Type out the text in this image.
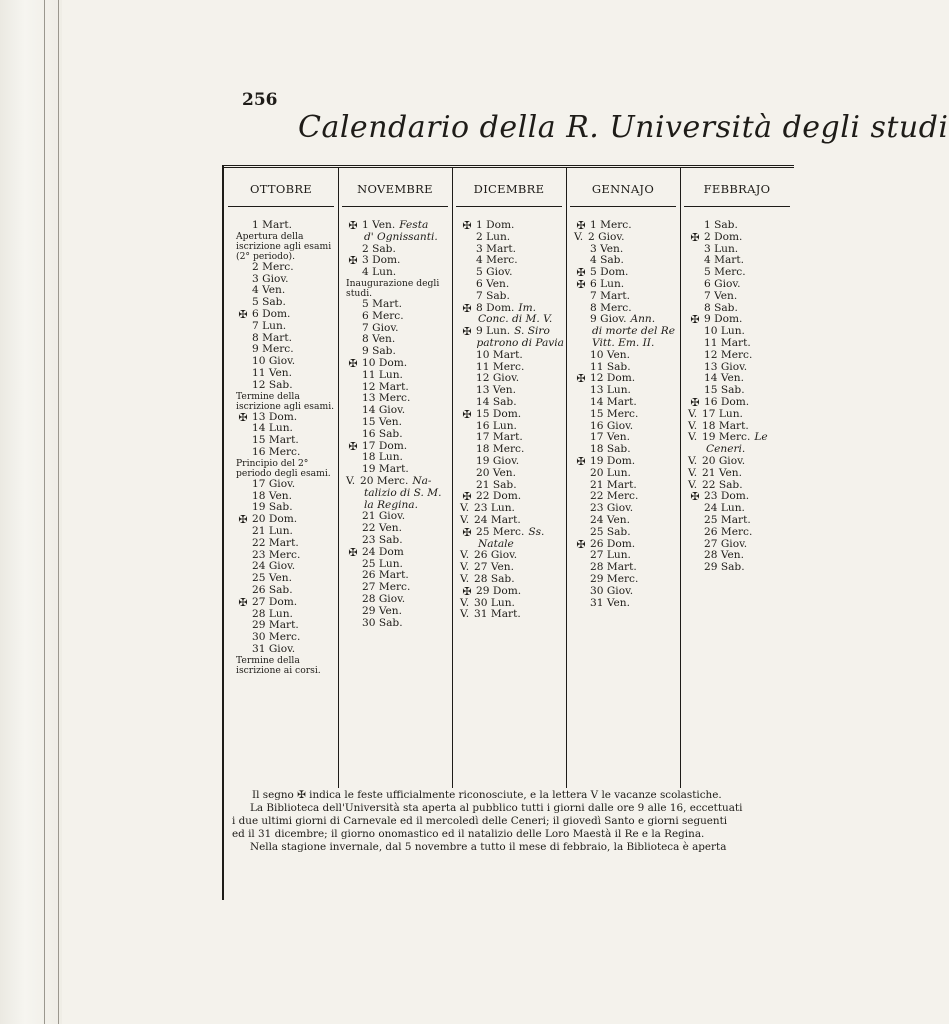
256
Calendario della R. Università degli studi
OTTOBRE
1 Mart.
Apertura della iscrizione agli esami (2° periodo).
2 Merc.
3 Giov.
4 Ven.
5 Sab.
✠ 6 Dom.
7 Lun.
8 Mart.
9 Merc.
10 Giov.
11 Ven.
12 Sab.
Termine della iscrizione agli esami.
✠ 13 Dom.
14 Lun.
15 Mart.
16 Merc.
Principio del 2° periodo degli esami.
17 Giov.
18 Ven.
19 Sab.
✠ 20 Dom.
21 Lun.
22 Mart.
23 Merc.
24 Giov.
25 Ven.
26 Sab.
✠ 27 Dom.
28 Lun.
29 Mart.
30 Merc.
31 Giov.
Termine della iscrizione ai corsi.
NOVEMBRE
✠ 1 Ven. Festa
d' Ognissanti.
2 Sab.
✠ 3 Dom.
4 Lun.
Inaugurazione degli studi.
5 Mart.
6 Merc.
7 Giov.
8 Ven.
9 Sab.
✠ 10 Dom.
11 Lun.
12 Mart.
13 Merc.
14 Giov.
15 Ven.
16 Sab.
✠ 17 Dom.
18 Lun.
19 Mart.
V. 20 Merc. Na-
talizio di S. M.
la Regina.
21 Giov.
22 Ven.
23 Sab.
✠ 24 Dom
25 Lun.
26 Mart.
27 Merc.
28 Giov.
29 Ven.
30 Sab.
DICEMBRE
✠ 1 Dom.
2 Lun.
3 Mart.
4 Merc.
5 Giov.
6 Ven.
7 Sab.
✠ 8 Dom. Im.
Conc. di M. V.
✠ 9 Lun. S. Siro
patrono di Pavia
10 Mart.
11 Merc.
12 Giov.
13 Ven.
14 Sab.
✠ 15 Dom.
16 Lun.
17 Mart.
18 Merc.
19 Giov.
20 Ven.
21 Sab.
✠ 22 Dom.
V. 23 Lun.
V. 24 Mart.
✠ 25 Merc. Ss.
Natale
V. 26 Giov.
V. 27 Ven.
V. 28 Sab.
✠ 29 Dom.
V. 30 Lun.
V. 31 Mart.
GENNAJO
✠ 1 Merc.
V. 2 Giov.
3 Ven.
4 Sab.
✠ 5 Dom.
✠ 6 Lun.
7 Mart.
8 Merc.
9 Giov. Ann.
di morte del Re
Vitt. Em. II.
10 Ven.
11 Sab.
✠ 12 Dom.
13 Lun.
14 Mart.
15 Merc.
16 Giov.
17 Ven.
18 Sab.
✠ 19 Dom.
20 Lun.
21 Mart.
22 Merc.
23 Giov.
24 Ven.
25 Sab.
✠ 26 Dom.
27 Lun.
28 Mart.
29 Merc.
30 Giov.
31 Ven.
FEBBRAJO
1 Sab.
✠ 2 Dom.
3 Lun.
4 Mart.
5 Merc.
6 Giov.
7 Ven.
8 Sab.
✠ 9 Dom.
10 Lun.
11 Mart.
12 Merc.
13 Giov.
14 Ven.
15 Sab.
✠ 16 Dom.
V. 17 Lun.
V. 18 Mart.
V. 19 Merc. Le
Ceneri.
V. 20 Giov.
V. 21 Ven.
V. 22 Sab.
✠ 23 Dom.
24 Lun.
25 Mart.
26 Merc.
27 Giov.
28 Ven.
29 Sab.

Il segno ✠ indica le feste ufficialmente riconosciute, e la lettera V le vacanze scolastiche.

La Biblioteca dell'Università sta aperta al pubblico tutti i giorni dalle ore 9 alle 16, eccettuati

i due ultimi giorni di Carnevale ed il mercoledì delle Ceneri; il giovedì Santo e giorni seguenti

ed il 31 dicembre; il giorno onomastico ed il natalizio delle Loro Maestà il Re e la Regina.

Nella stagione invernale, dal 5 novembre a tutto il mese di febbraio, la Biblioteca è aperta
